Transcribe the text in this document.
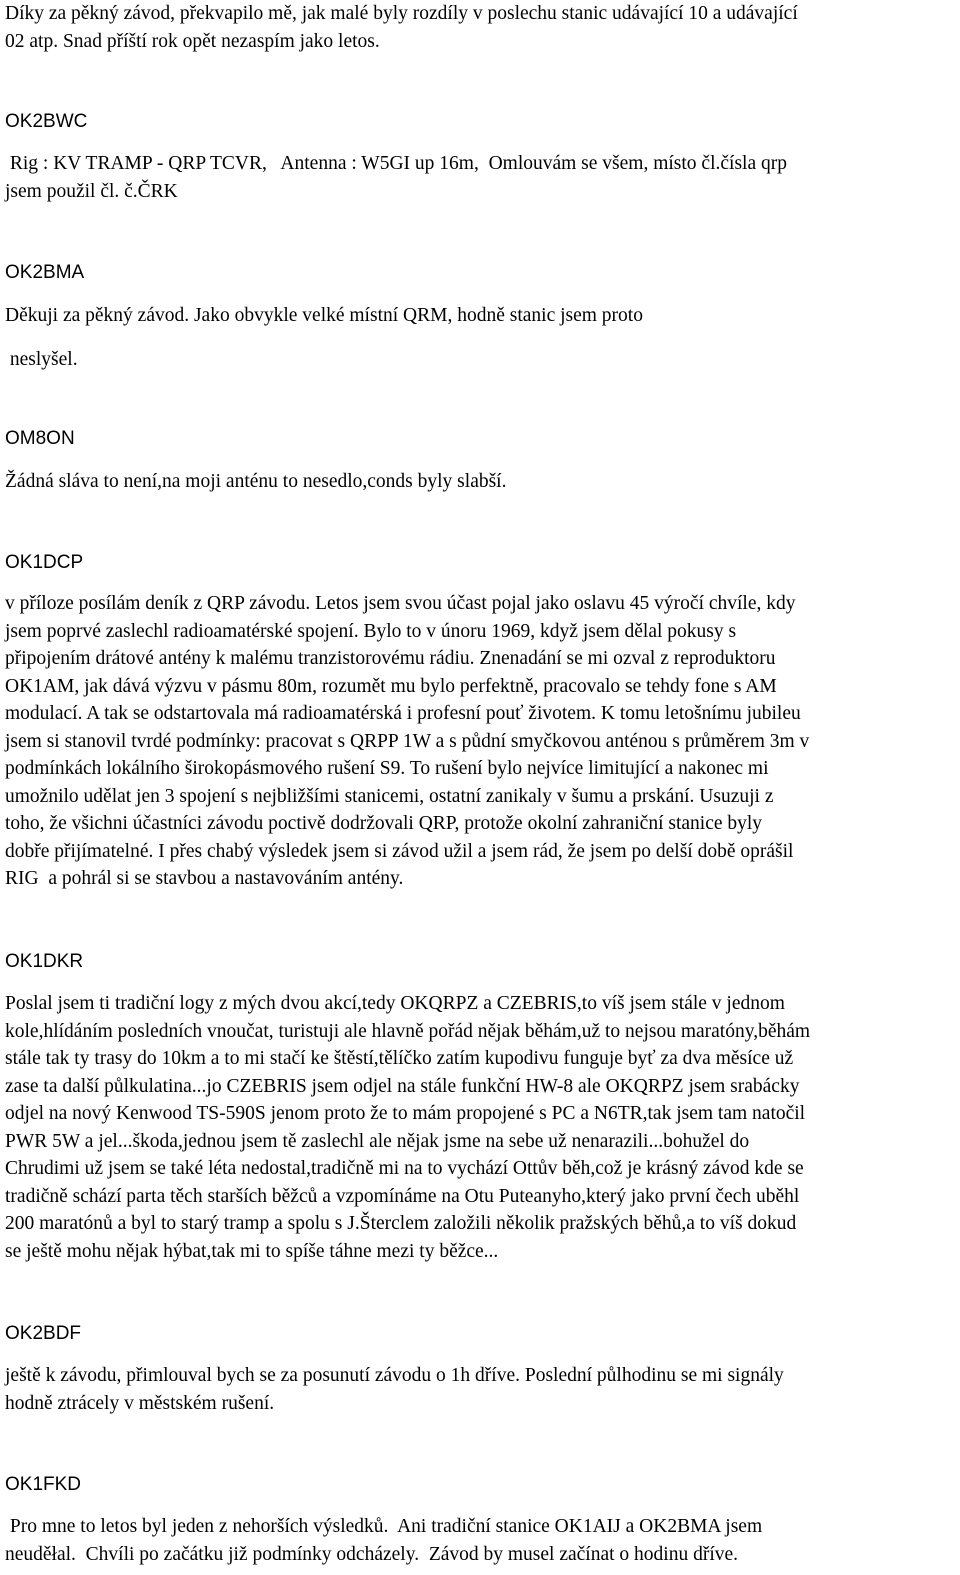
Díky za pěkný závod, překvapilo mě, jak malé byly rozdíly v poslechu stanic udávající 10 a udávající
02 atp. Snad příští rok opět nezaspím jako letos.
OK2BWC
Rig : KV TRAMP - QRP TCVR,   Antenna : W5GI up 16m,  Omlouvám se všem, místo čl.čísla qrp
jsem použil čl. č.ČRK
OK2BMA
Děkuji za pěkný závod. Jako obvykle velké místní QRM, hodně stanic jsem proto
neslyšel.
OM8ON
Žádná sláva to není,na moji anténu to nesedlo,conds byly slabší.
OK1DCP
v příloze posílám deník z QRP závodu. Letos jsem svou účast pojal jako oslavu 45 výročí chvíle, kdy
jsem poprvé zaslechl radioamatérské spojení. Bylo to v únoru 1969, když jsem dělal pokusy s
připojením drátové antény k malému tranzistorovému rádiu. Znenadání se mi ozval z reproduktoru
OK1AM, jak dává výzvu v pásmu 80m, rozumět mu bylo perfektně, pracovalo se tehdy fone s AM
modulací. A tak se odstartovala má radioamatérská i profesní pouť životem. K tomu letošnímu jubileu
jsem si stanovil tvrdé podmínky: pracovat s QRPP 1W a s půdní smyčkovou anténou s průměrem 3m v
podmínkách lokálního širokopásmového rušení S9. To rušení bylo nejvíce limitující a nakonec mi
umožnilo udělat jen 3 spojení s nejbližšími stanicemi, ostatní zanikaly v šumu a prskání. Usuzuji z
toho, že všichni účastníci závodu poctivě dodržovali QRP, protože okolní zahraniční stanice byly
dobře přijímatelné. I přes chabý výsledek jsem si závod užil a jsem rád, že jsem po delší době oprášil
RIG  a pohrál si se stavbou a nastavováním antény.
OK1DKR
Poslal jsem ti tradiční logy z mých dvou akcí,tedy OKQRPZ a CZEBRIS,to víš jsem stále v jednom
kole,hlídáním posledních vnoučat, turistuji ale hlavně pořád nějak běhám,už to nejsou maratóny,běhám
stále tak ty trasy do 10km a to mi stačí ke štěstí,tělíčko zatím kupodivu funguje byť za dva měsíce už
zase ta další půlkulatina...jo CZEBRIS jsem odjel na stále funkční HW-8 ale OKQRPZ jsem srabácky
odjel na nový Kenwood TS-590S jenom proto že to mám propojené s PC a N6TR,tak jsem tam natočil
PWR 5W a jel...škoda,jednou jsem tě zaslechl ale nějak jsme na sebe už nenarazili...bohužel do
Chrudimi už jsem se také léta nedostal,tradičně mi na to vychází Ottův běh,což je krásný závod kde se
tradičně schází parta těch starších běžců a vzpomínáme na Otu Puteanyho,který jako první čech uběhl
200 maratónů a byl to starý tramp a spolu s J.Šterclem založili několik pražských běhů,a to víš dokud
se ještě mohu nějak hýbat,tak mi to spíše táhne mezi ty běžce...
OK2BDF
ještě k závodu, přimlouval bych se za posunutí závodu o 1h dříve. Poslední půlhodinu se mi signály
hodně ztrácely v městském rušení.
OK1FKD
Pro mne to letos byl jeden z nehorších výsledků.  Ani tradiční stanice OK1AIJ a OK2BMA jsem
neuděłal.  Chvíli po začátku již podmínky odcházely.  Závod by musel začínat o hodinu dříve.
